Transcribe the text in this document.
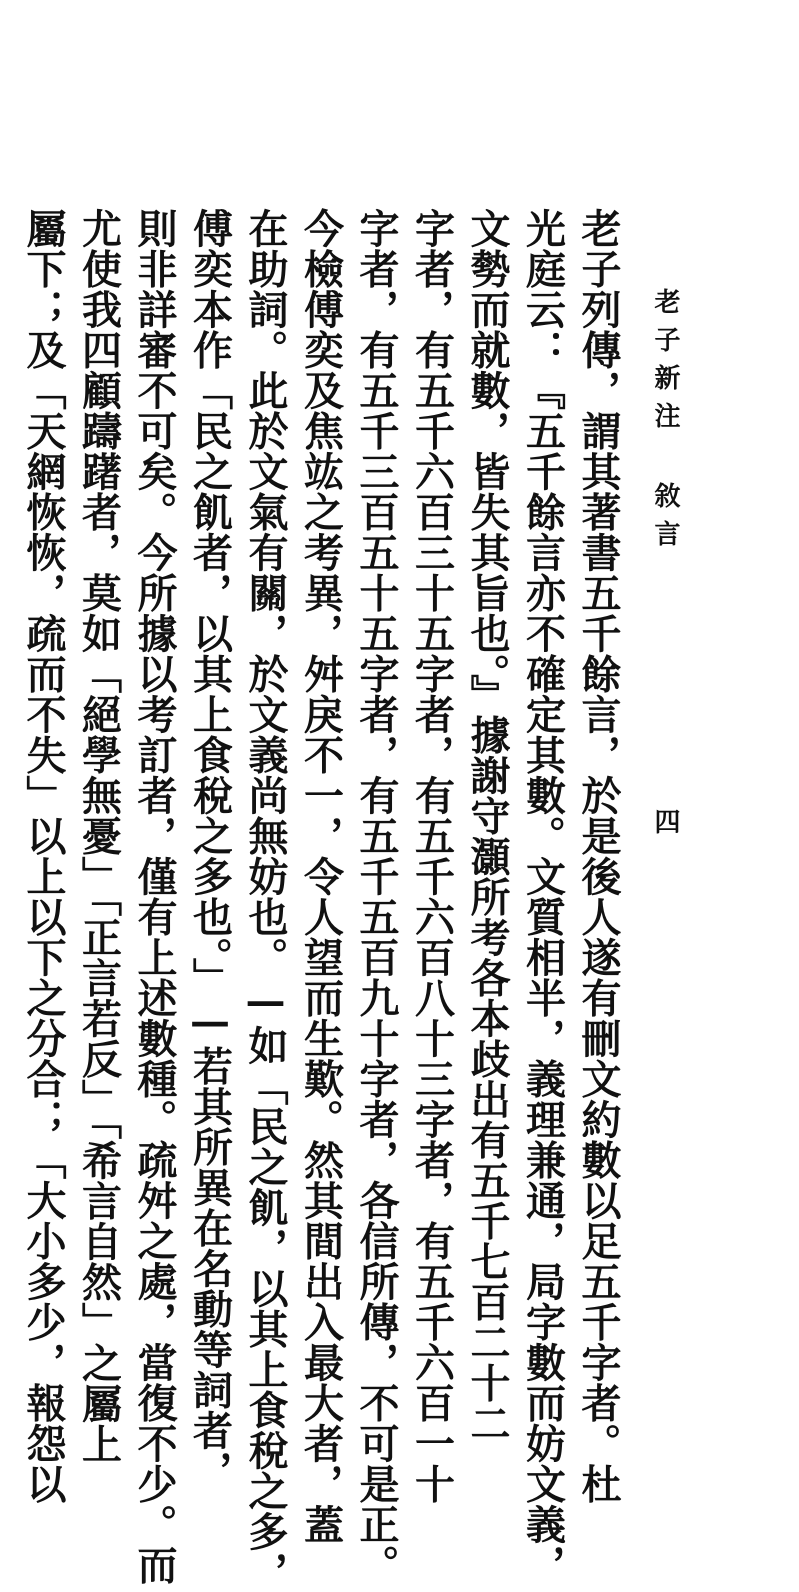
老子新注 敘言
四
老子列傳，謂其著書五千餘言，於是後人遂有刪文約數以足五千字者。杜
光庭云：『五千餘言亦不確定其數。文質相半，義理兼通，局字數而妨文義，
文勢而就數，皆失其旨也。』據謝守灝所考各本歧出有五千七百二十二
字者，有五千六百三十五字者，有五千六百八十三字者，有五千六百一十
字者，有五千三百五十五字者，有五千五百九十字者，各信所傳，不可是正。
今檢傅奕及焦竑之考異，舛戾不一，令人望而生歎。然其間出入最大者，蓋
在助詞。此於文氣有關，於文義尚無妨也。—如「民之飢，以其上食稅之多，
傅奕本作「民之飢者，以其上食稅之多也。」—若其所異在名動等詞者，
則非詳審不可矣。今所據以考訂者，僅有上述數種。疏舛之處，當復不少。而
尤使我四顧躊躇者，莫如「絕學無憂」「正言若反」「希言自然」之屬上
屬下；及「天網恢恢，疏而不失」以上以下之分合；「大小多少，報怨以
